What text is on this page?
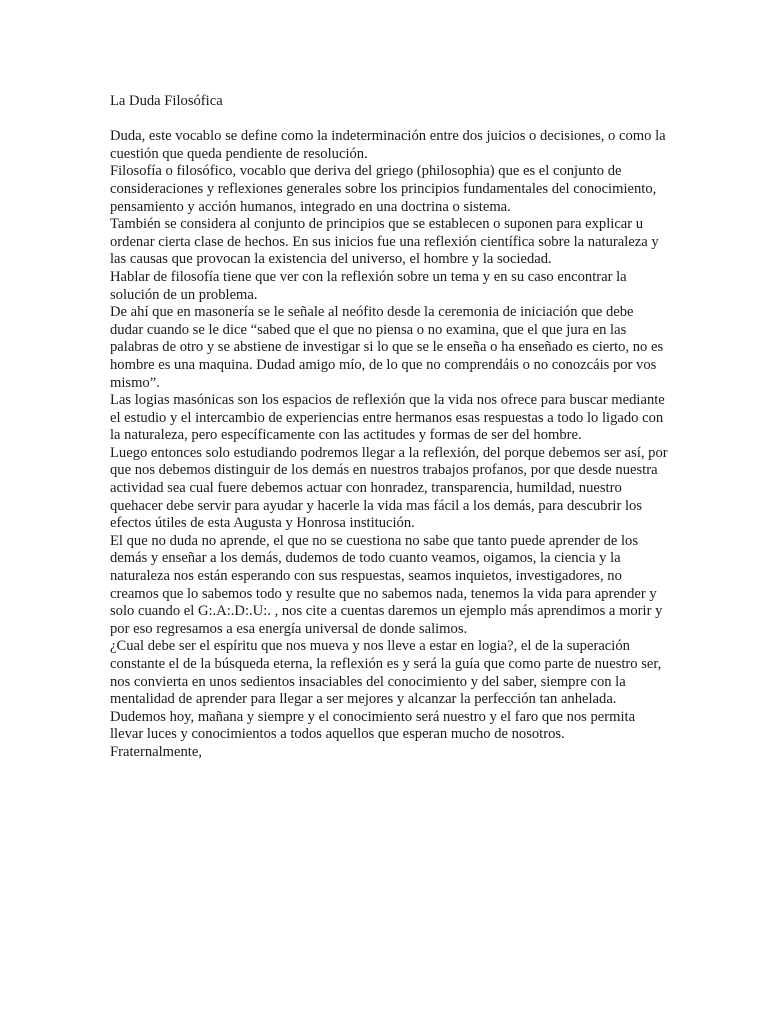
La Duda Filosófica

Duda, este vocablo se define como la indeterminación entre dos juicios o decisiones, o como la cuestión que queda pendiente de resolución.

Filosofía o filosófico, vocablo que deriva del griego (philosophia) que es el conjunto de consideraciones y reflexiones generales sobre los principios fundamentales del conocimiento, pensamiento y acción humanos, integrado en una doctrina o sistema.

También se considera al conjunto de principios que se establecen o suponen para explicar u ordenar cierta clase de hechos. En sus inicios fue una reflexión científica sobre la naturaleza y las causas que provocan la existencia del universo, el hombre y la sociedad.

Hablar de filosofía tiene que ver con la reflexión sobre un tema y en su caso encontrar la solución de un problema.

De ahí que en masonería se le señale al neófito desde la ceremonia de iniciación que debe dudar cuando se le dice “sabed que el que no piensa o no examina, que el que jura en las palabras de otro y se abstiene de investigar si lo que se le enseña o ha enseñado es cierto, no es hombre es una maquina. Dudad amigo mío, de lo que no comprendáis o no conozcáis por vos mismo”.

Las logias masónicas son los espacios de reflexión que la vida nos ofrece para buscar mediante el estudio y el intercambio de experiencias entre hermanos esas respuestas a todo lo ligado con la naturaleza, pero específicamente con las actitudes y formas de ser del hombre.

Luego entonces solo estudiando podremos llegar a la reflexión, del porque debemos ser así, por que nos debemos distinguir de los demás en nuestros trabajos profanos, por que desde nuestra actividad sea cual fuere debemos actuar con honradez, transparencia, humildad, nuestro quehacer debe servir para ayudar y hacerle la vida mas fácil a los demás, para descubrir los efectos útiles de esta Augusta y Honrosa institución.

El que no duda no aprende, el que no se cuestiona no sabe que tanto puede aprender de los demás y enseñar a los demás, dudemos de todo cuanto veamos, oigamos, la ciencia y la naturaleza nos están esperando con sus respuestas, seamos inquietos, investigadores, no creamos que lo sabemos todo y resulte que no sabemos nada, tenemos la vida para aprender y solo cuando el G:.A:.D:.U:. , nos cite a cuentas daremos un ejemplo más aprendimos a morir y por eso regresamos a esa energía universal de donde salimos.

¿Cual debe ser el espíritu que nos mueva y nos lleve a estar en logia?, el de la superación constante el de la búsqueda eterna, la reflexión es y será la guía que como parte de nuestro ser, nos convierta en unos sedientos insaciables del conocimiento y del saber, siempre con la mentalidad de aprender para llegar a ser mejores y alcanzar la perfección tan anhelada.

Dudemos hoy, mañana y siempre y el conocimiento será nuestro y el faro que nos permita llevar luces y conocimientos a todos aquellos que esperan mucho de nosotros.

Fraternalmente,
